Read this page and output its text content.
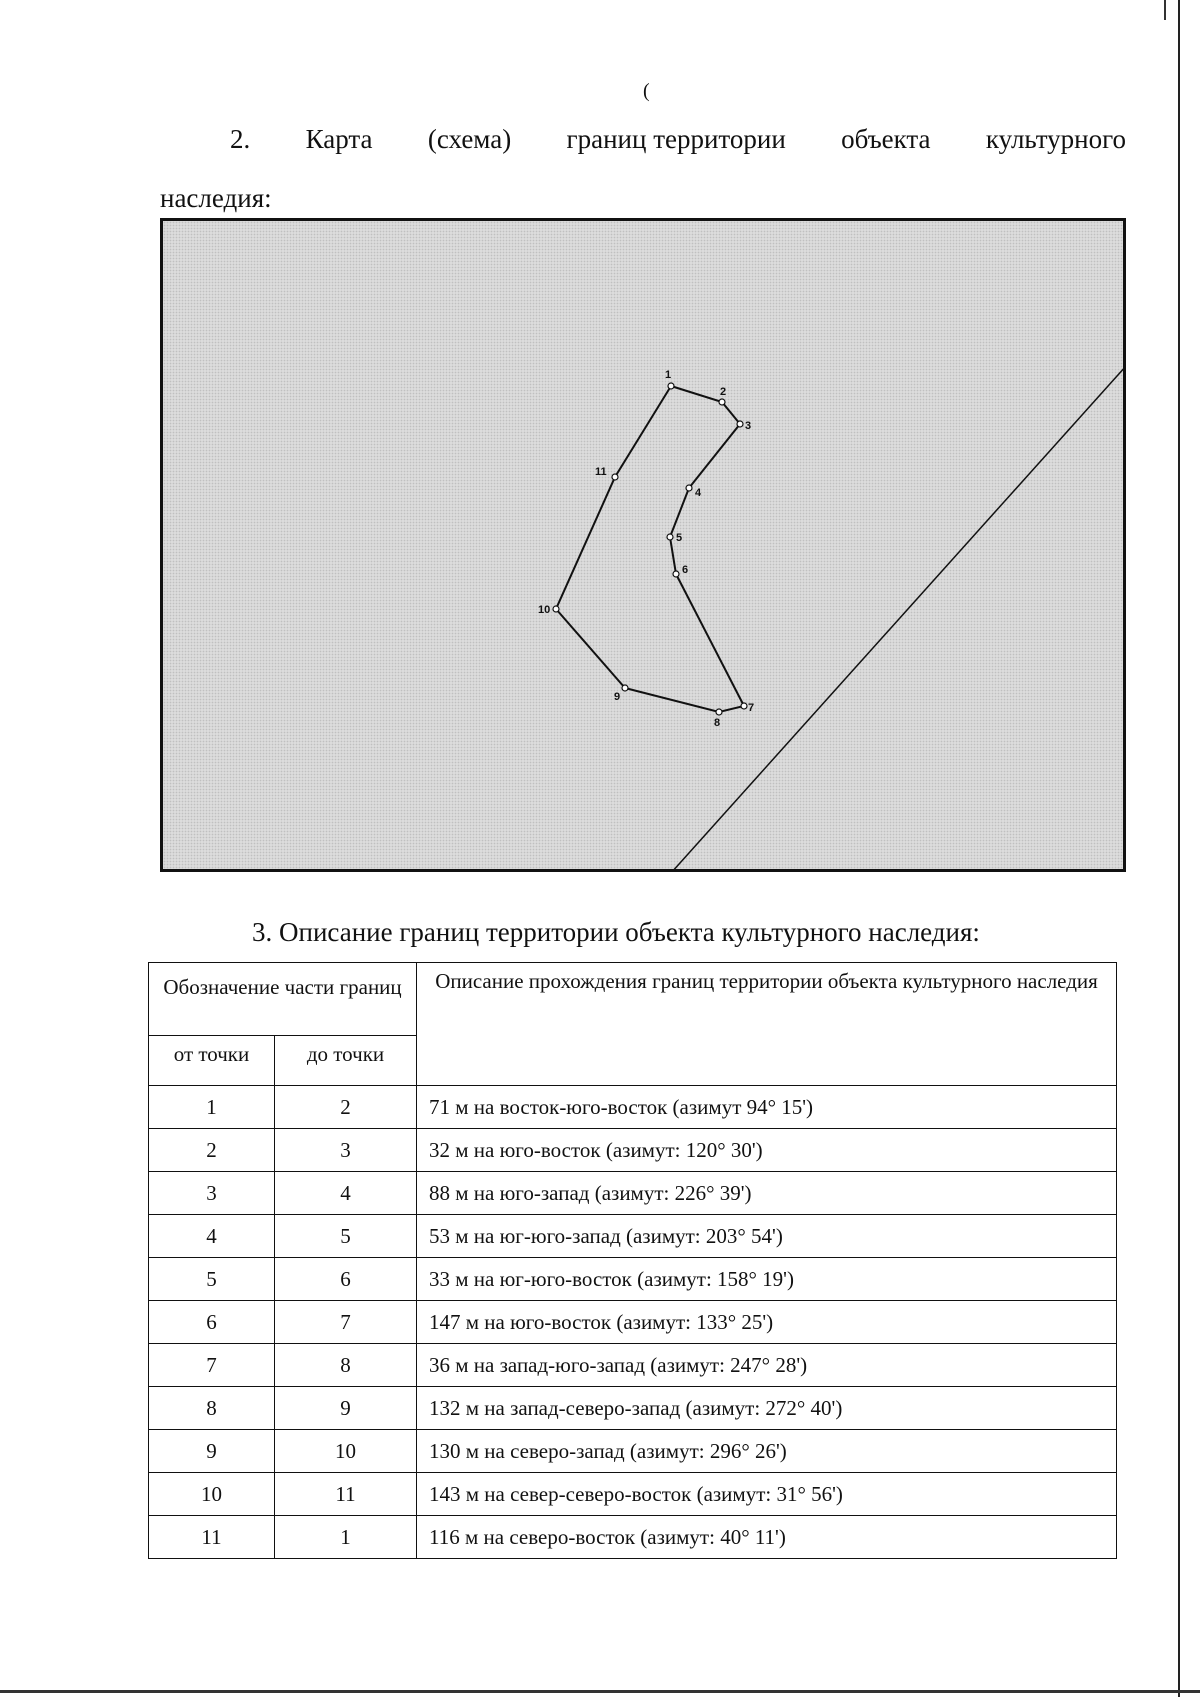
(
2. Карта (схема) границ территории объекта культурного
наследия:
1
2
3
4
5
6
7
8
9
10
11
3. Описание границ территории объекта культурного наследия:
Обозначение части границ		Описание прохождения границ территории объекта культурного наследия
от точки	до точки	
1	2	71 м на восток-юго-восток (азимут 94° 15')
2	3	32 м на юго-восток (азимут: 120° 30')
3	4	88 м на юго-запад (азимут: 226° 39')
4	5	53 м на юг-юго-запад (азимут: 203° 54')
5	6	33 м на юг-юго-восток (азимут: 158° 19')
6	7	147 м на юго-восток (азимут: 133° 25')
7	8	36 м на запад-юго-запад (азимут: 247° 28')
8	9	132 м на запад-северо-запад (азимут: 272° 40')
9	10	130 м на северо-запад (азимут: 296° 26')
10	11	143 м на север-северо-восток (азимут: 31° 56')
11	1	116 м на северо-восток (азимут: 40° 11')
